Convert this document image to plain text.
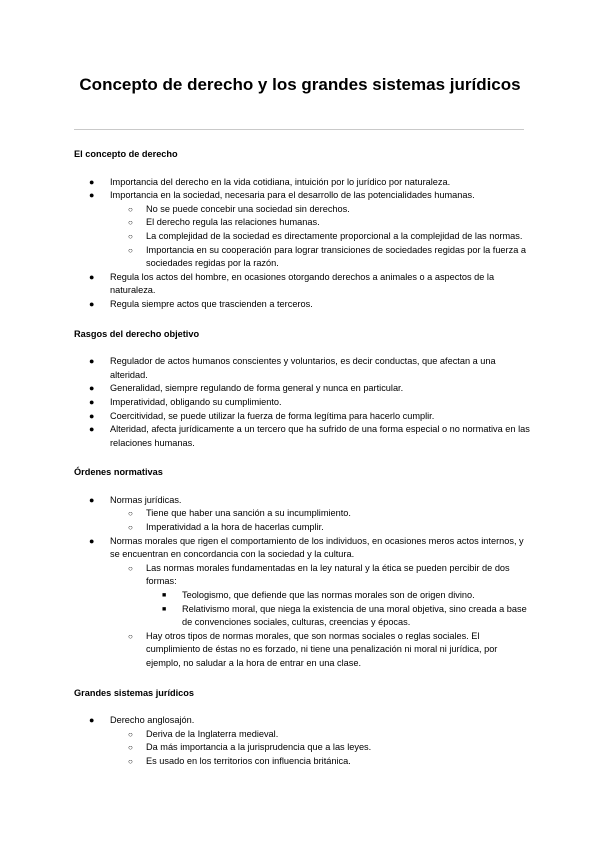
Concepto de derecho y los grandes sistemas jurídicos
El concepto de derecho
● Importancia del derecho en la vida cotidiana, intuición por lo jurídico por naturaleza.
● Importancia en la sociedad, necesaria para el desarrollo de las potencialidades humanas.
○ No se puede concebir una sociedad sin derechos.
○ El derecho regula las relaciones humanas.
○ La complejidad de la sociedad es directamente proporcional a la complejidad de las normas.
○ Importancia en su cooperación para lograr transiciones de sociedades regidas por la fuerza a sociedades regidas por la razón.
● Regula los actos del hombre, en ocasiones otorgando derechos a animales o a aspectos de la naturaleza.
● Regula siempre actos que trascienden a terceros.
Rasgos del derecho objetivo
● Regulador de actos humanos conscientes y voluntarios, es decir conductas, que afectan a una alteridad.
● Generalidad, siempre regulando de forma general y nunca en particular.
● Imperatividad, obligando su cumplimiento.
● Coercitividad, se puede utilizar la fuerza de forma legítima para hacerlo cumplir.
● Alteridad, afecta jurídicamente a un tercero que ha sufrido de una forma especial o no normativa en las relaciones humanas.
Órdenes normativas
● Normas jurídicas.
○ Tiene que haber una sanción a su incumplimiento.
○ Imperatividad a la hora de hacerlas cumplir.
● Normas morales que rigen el comportamiento de los individuos, en ocasiones meros actos internos, y se encuentran en concordancia con la sociedad y la cultura.
○ Las normas morales fundamentadas en la ley natural y la ética se pueden percibir de dos formas:
■ Teologismo, que defiende que las normas morales son de origen divino.
■ Relativismo moral, que niega la existencia de una moral objetiva, sino creada a base de convenciones sociales, culturas, creencias y épocas.
○ Hay otros tipos de normas morales, que son normas sociales o reglas sociales. El cumplimiento de éstas no es forzado, ni tiene una penalización ni moral ni jurídica, por ejemplo, no saludar a la hora de entrar en una clase.
Grandes sistemas jurídicos
● Derecho anglosajón.
○ Deriva de la Inglaterra medieval.
○ Da más importancia a la jurisprudencia que a las leyes.
○ Es usado en los territorios con influencia británica.
